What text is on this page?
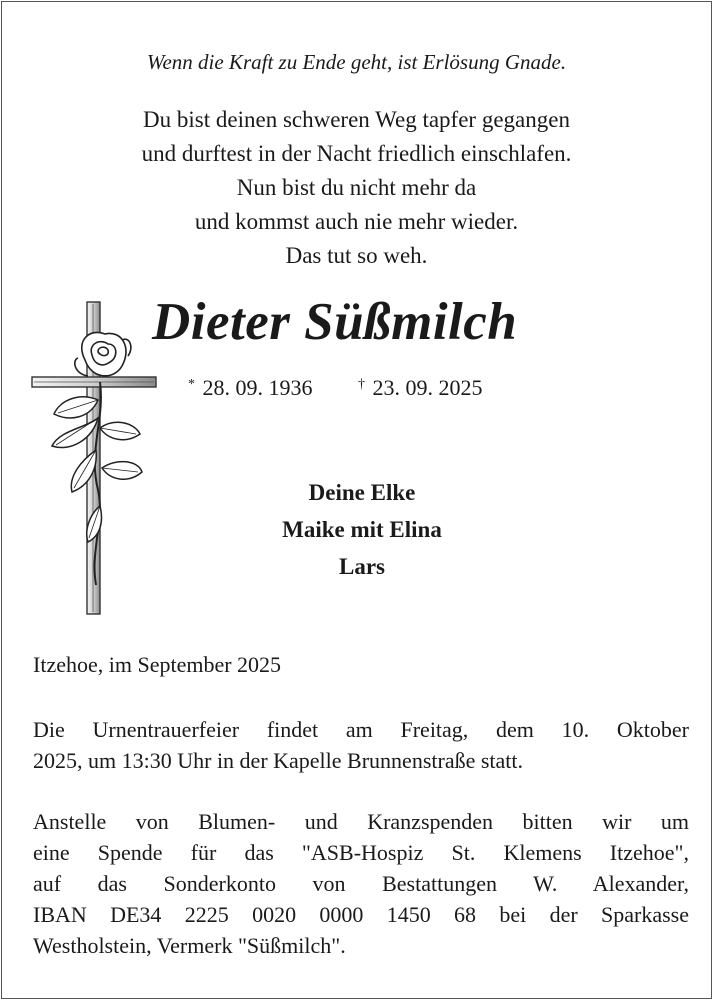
Wenn die Kraft zu Ende geht, ist Erlösung Gnade.
Du bist deinen schweren Weg tapfer gegangen
und durftest in der Nacht friedlich einschlafen.
Nun bist du nicht mehr da
und kommst auch nie mehr wieder.
Das tut so weh.
Dieter Süßmilch
* 28. 09. 1936	† 23. 09. 2025
Deine Elke
Maike mit Elina
Lars
Itzehoe, im September 2025
Die Urnentrauerfeier findet am Freitag, dem 10. Oktober
2025, um 13:30 Uhr in der Kapelle Brunnenstraße statt.
Anstelle von Blumen- und Kranzspenden bitten wir um
eine Spende für das "ASB-Hospiz St. Klemens Itzehoe",
auf das Sonderkonto von Bestattungen W. Alexander,
IBAN DE34 2225 0020 0000 1450 68 bei der Sparkasse
Westholstein, Vermerk "Süßmilch".
